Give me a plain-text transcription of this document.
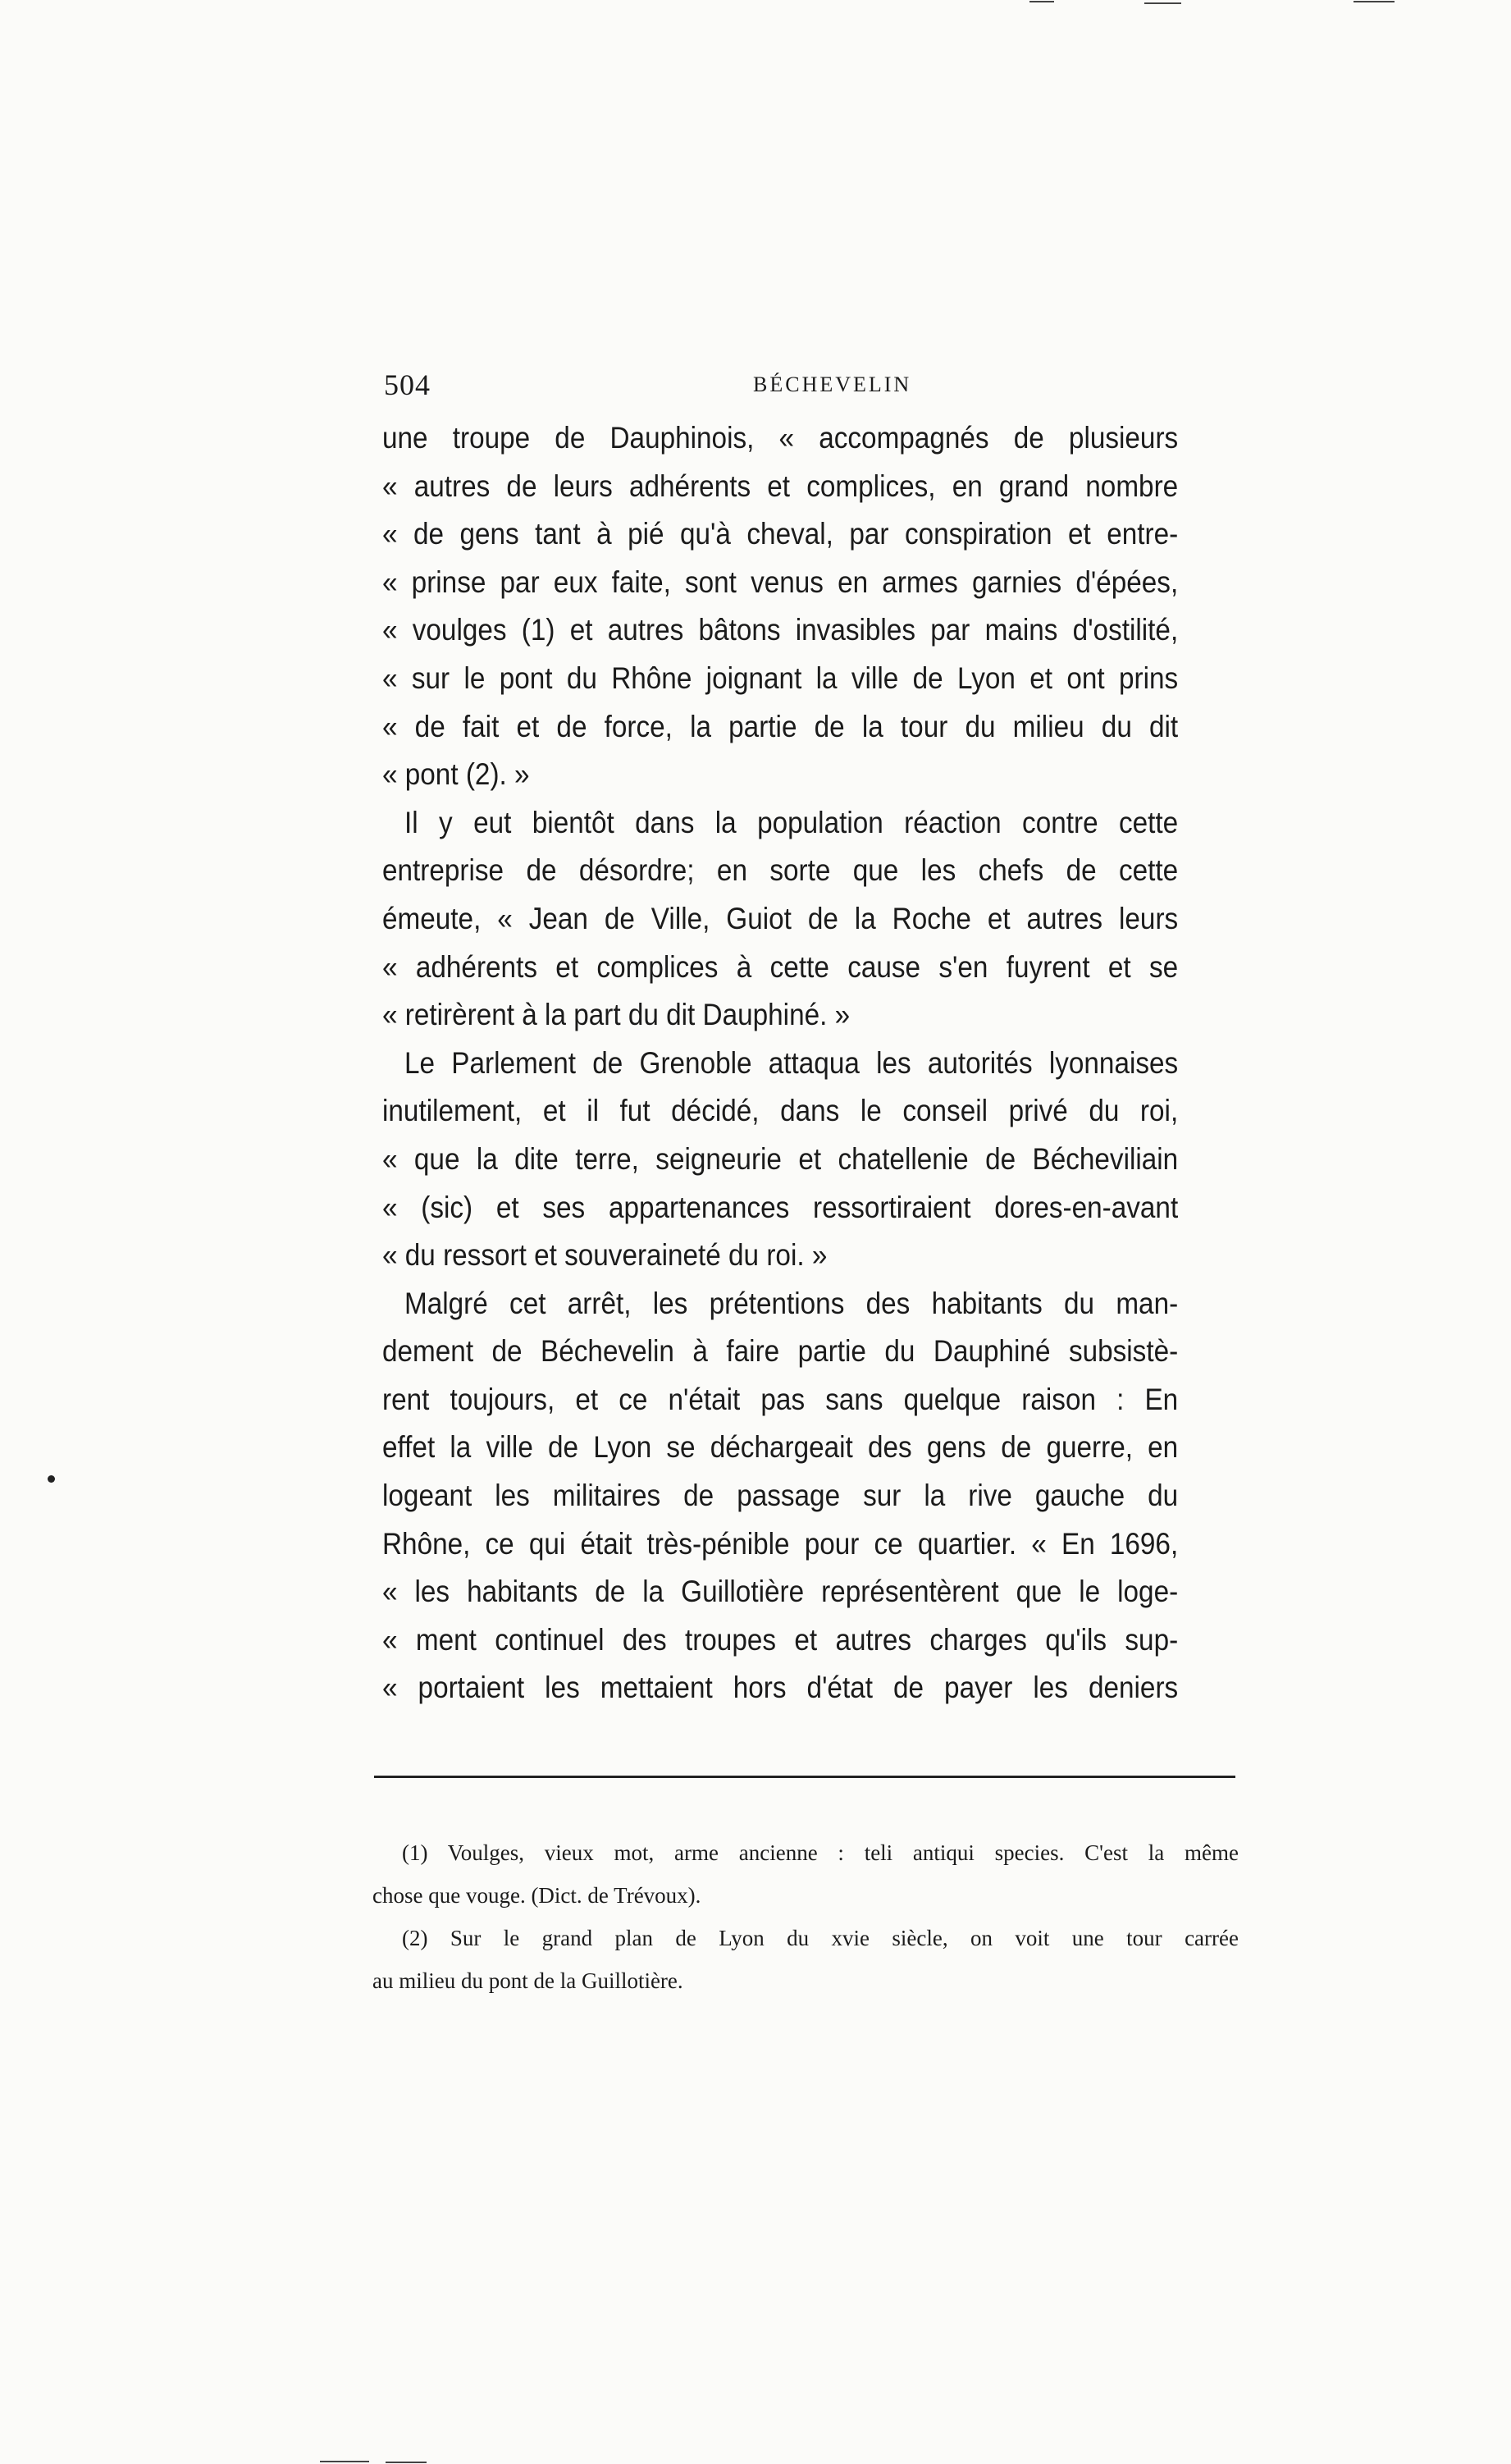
504	BÉCHEVELIN
une troupe de Dauphinois, « accompagnés de plusieurs
« autres de leurs adhérents et complices, en grand nombre
« de gens tant à pié qu'à cheval, par conspiration et entre-
« prinse par eux faite, sont venus en armes garnies d'épées,
« voulges (1) et autres bâtons invasibles par mains d'ostilité,
« sur le pont du Rhône joignant la ville de Lyon et ont prins
« de fait et de force, la partie de la tour du milieu du dit
« pont (2). »
Il y eut bientôt dans la population réaction contre cette
entreprise de désordre; en sorte que les chefs de cette
émeute, « Jean de Ville, Guiot de la Roche et autres leurs
« adhérents et complices à cette cause s'en fuyrent et se
« retirèrent à la part du dit Dauphiné. »
Le Parlement de Grenoble attaqua les autorités lyonnaises
inutilement, et il fut décidé, dans le conseil privé du roi,
« que la dite terre, seigneurie et chatellenie de Bécheviliain
« (sic) et ses appartenances ressortiraient dores-en-avant
« du ressort et souveraineté du roi. »
Malgré cet arrêt, les prétentions des habitants du man-
dement de Béchevelin à faire partie du Dauphiné subsistè-
rent toujours, et ce n'était pas sans quelque raison : En
effet la ville de Lyon se déchargeait des gens de guerre, en
logeant les militaires de passage sur la rive gauche du
Rhône, ce qui était très-pénible pour ce quartier. « En 1696,
« les habitants de la Guillotière représentèrent que le loge-
« ment continuel des troupes et autres charges qu'ils sup-
« portaient les mettaient hors d'état de payer les deniers
(1) Voulges, vieux mot, arme ancienne : teli antiqui species. C'est la même
chose que vouge. (Dict. de Trévoux).
(2) Sur le grand plan de Lyon du xvie siècle, on voit une tour carrée
au milieu du pont de la Guillotière.
